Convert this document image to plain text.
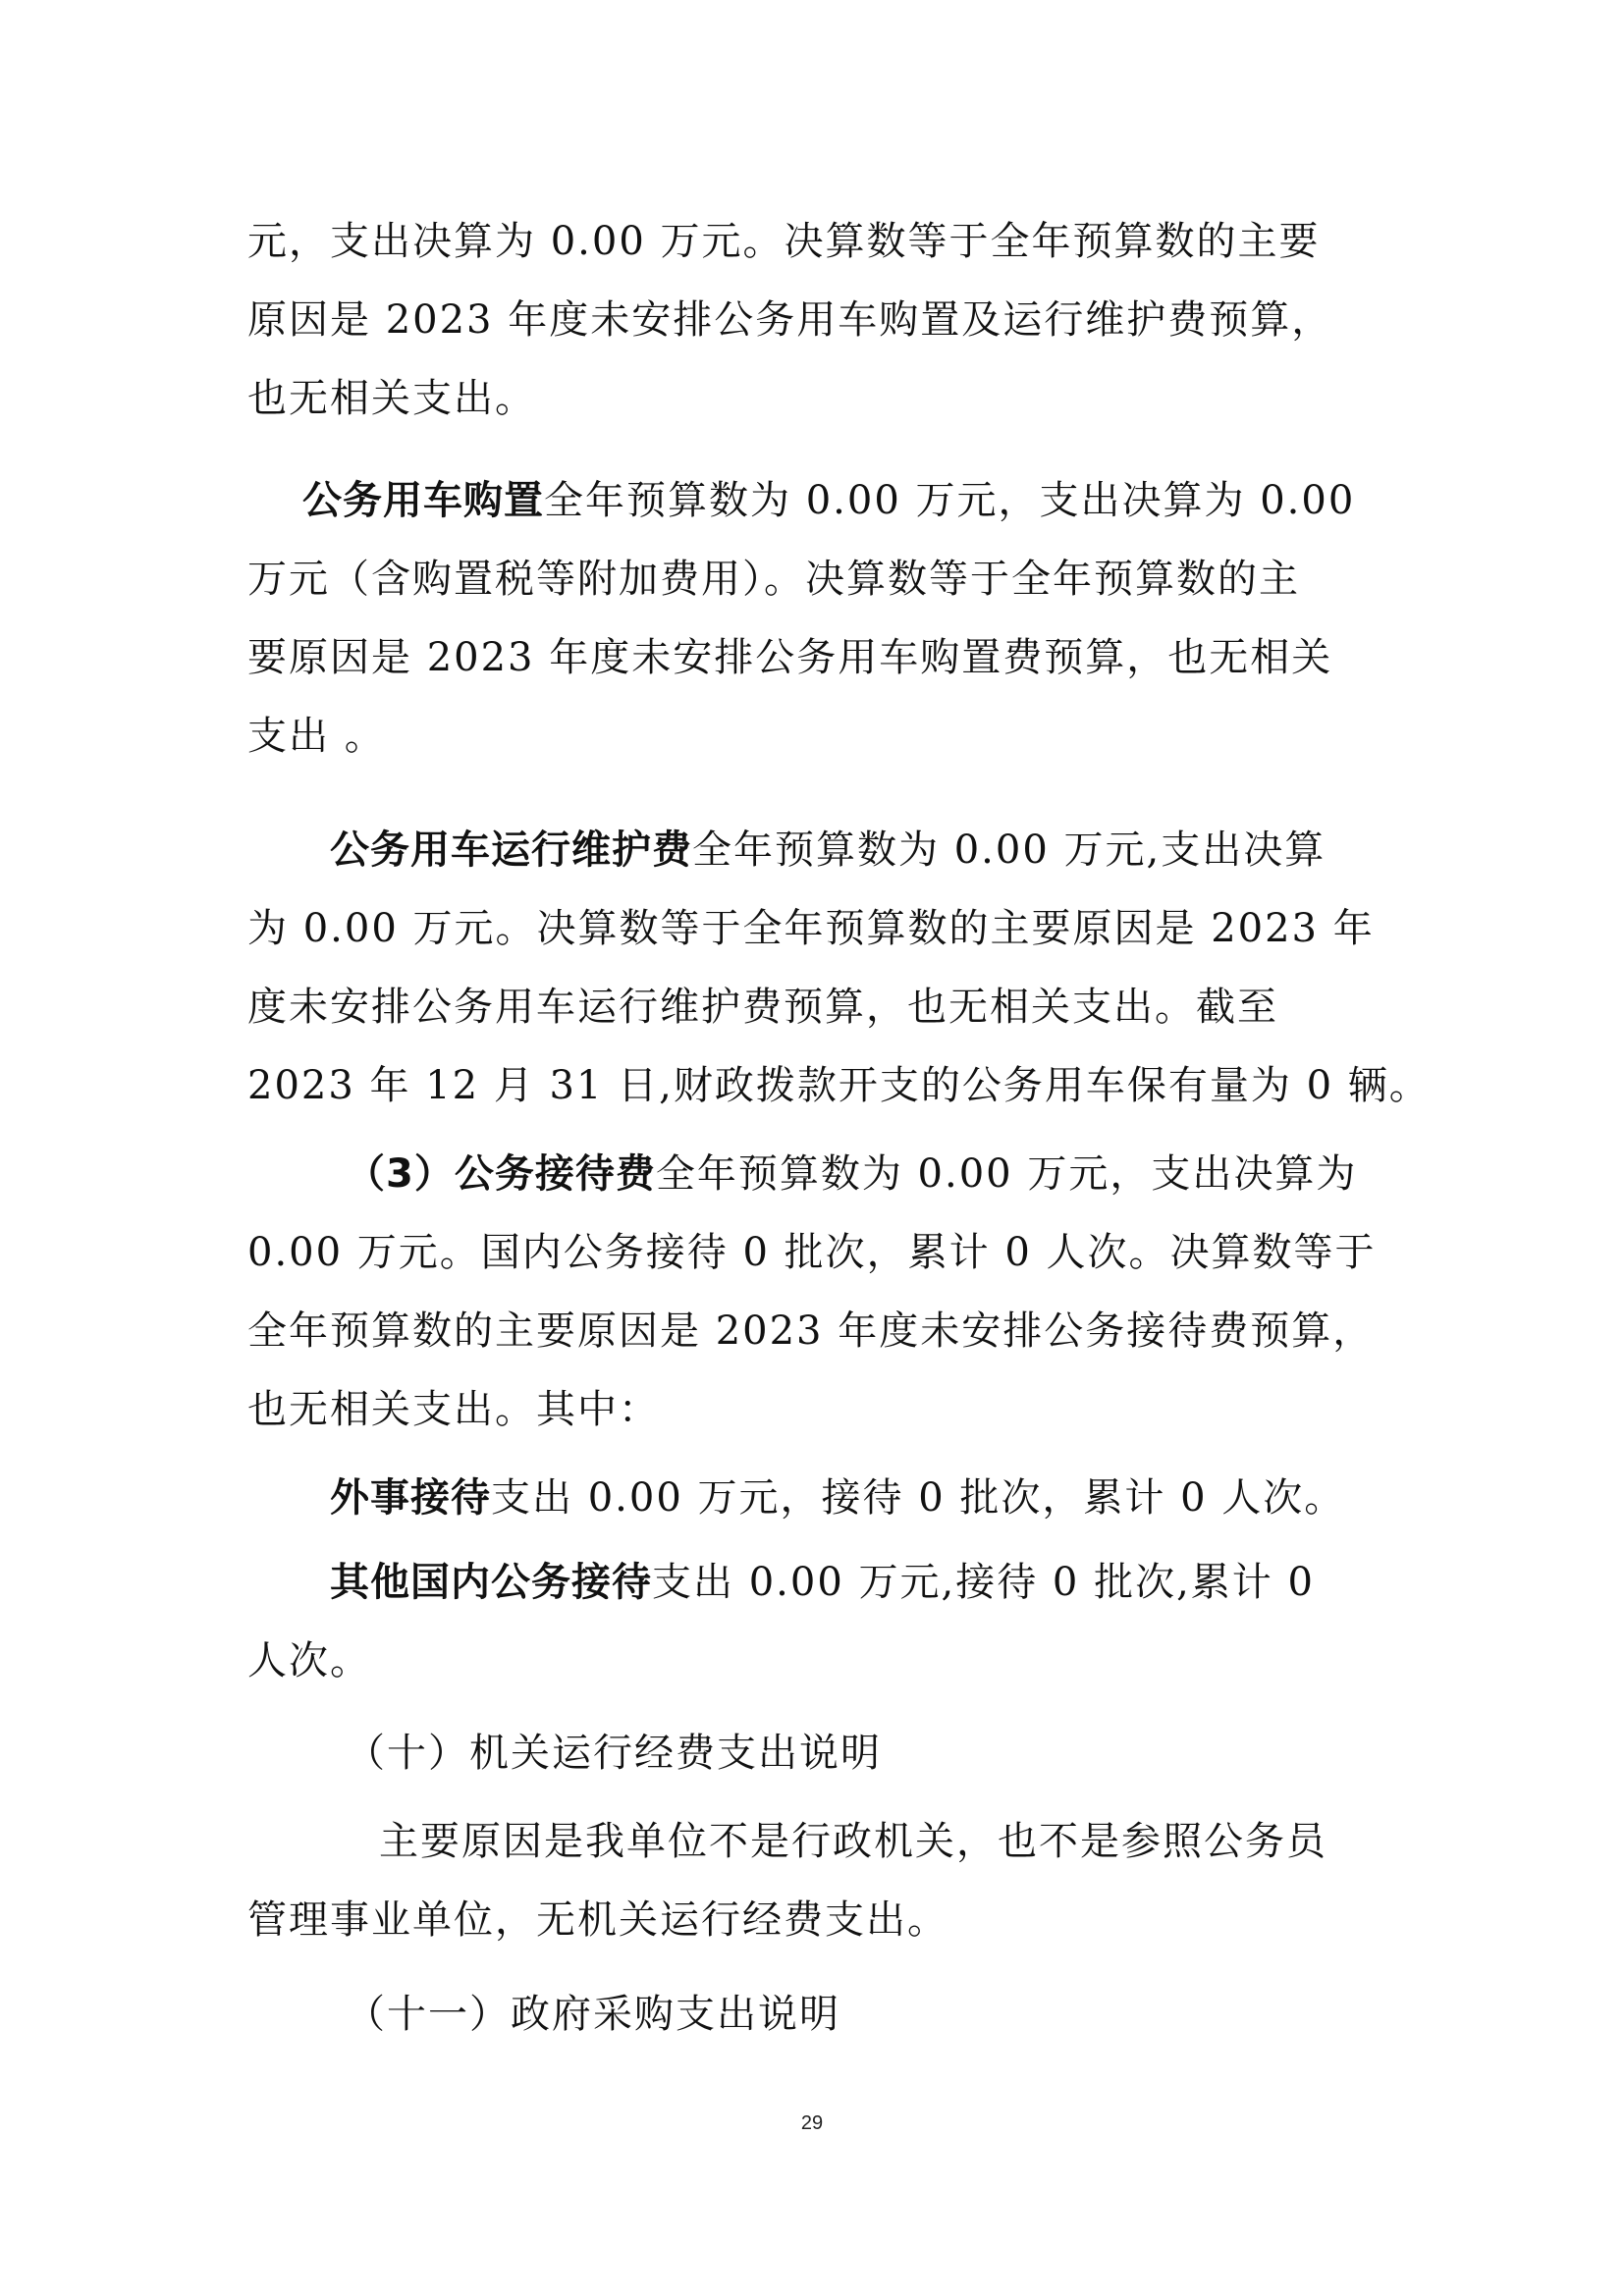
元，支出决算为 0.00 万元。决算数等于全年预算数的主要
原因是 2023 年度未安排公务用车购置及运行维护费预算，
也无相关支出。
公务用车购置全年预算数为 0.00 万元，支出决算为 0.00
万元（含购置税等附加费用）。决算数等于全年预算数的主
要原因是 2023 年度未安排公务用车购置费预算，也无相关
支出 。
公务用车运行维护费全年预算数为 0.00 万元,支出决算
为 0.00 万元。决算数等于全年预算数的主要原因是 2023 年
度未安排公务用车运行维护费预算，也无相关支出。截至
2023 年 12 月 31 日,财政拨款开支的公务用车保有量为 0 辆。
（3）公务接待费全年预算数为 0.00 万元，支出决算为
0.00 万元。国内公务接待 0 批次，累计 0 人次。决算数等于
全年预算数的主要原因是 2023 年度未安排公务接待费预算，
也无相关支出。其中：
外事接待支出 0.00 万元，接待 0 批次，累计 0 人次。
其他国内公务接待支出 0.00 万元,接待 0 批次,累计 0
人次。
（十）机关运行经费支出说明
主要原因是我单位不是行政机关，也不是参照公务员
管理事业单位，无机关运行经费支出。
（十一）政府采购支出说明
29
